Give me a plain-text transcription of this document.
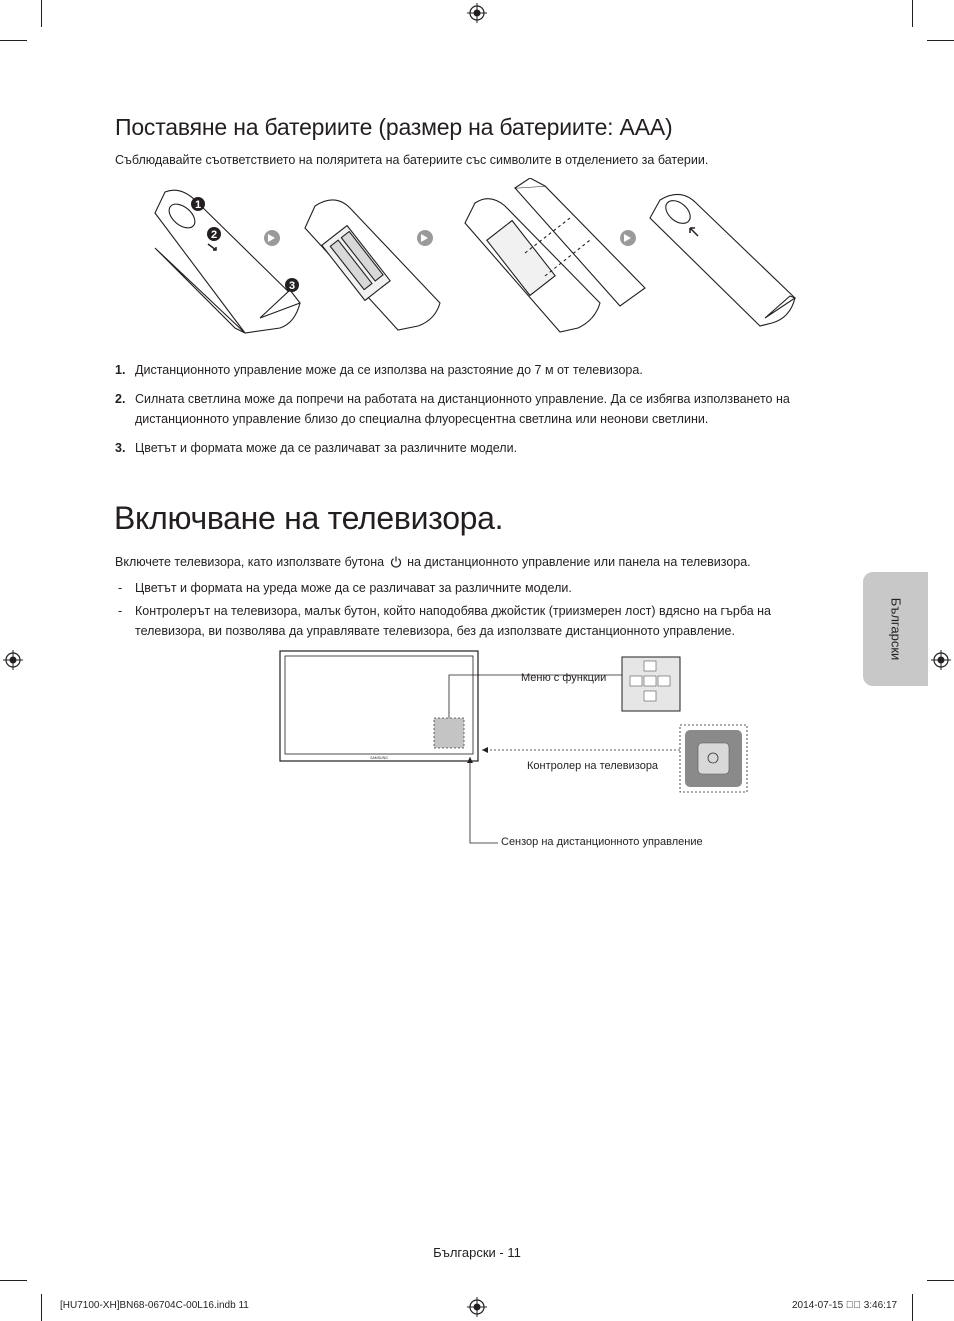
Поставяне на батериите (размер на батериите: AAA)
Съблюдавайте съответствието на поляритета на батериите със символите в отделението за батерии.
1
2
3
1. Дистанционното управление може да се използва на разстояние до 7 м от телевизора.
2. Силната светлина може да попречи на работата на дистанционното управление. Да се избягва използването на дистанционното управление близо до специална флуоресцентна светлина или неонови светлини.
3. Цветът и формата може да се различават за различните модели.
Включване на телевизора.
Включете телевизора, като използвате бутона на дистанционното управление или панела на телевизора.
- Цветът и формата на уреда може да се различават за различните модели.
- Контролерът на телевизора, малък бутон, който наподобява джойстик (триизмерен лост) вдясно на гърба на телевизора, ви позволява да управлявате телевизора, без да използвате дистанционното управление.
SAMSUNG
Меню с функции
Контролер на телевизора
Сензор на дистанционното управление
Български
Български - 11
[HU7100-XH]BN68-06704C-00L16.indb 11	2014-07-15    3:46:17
